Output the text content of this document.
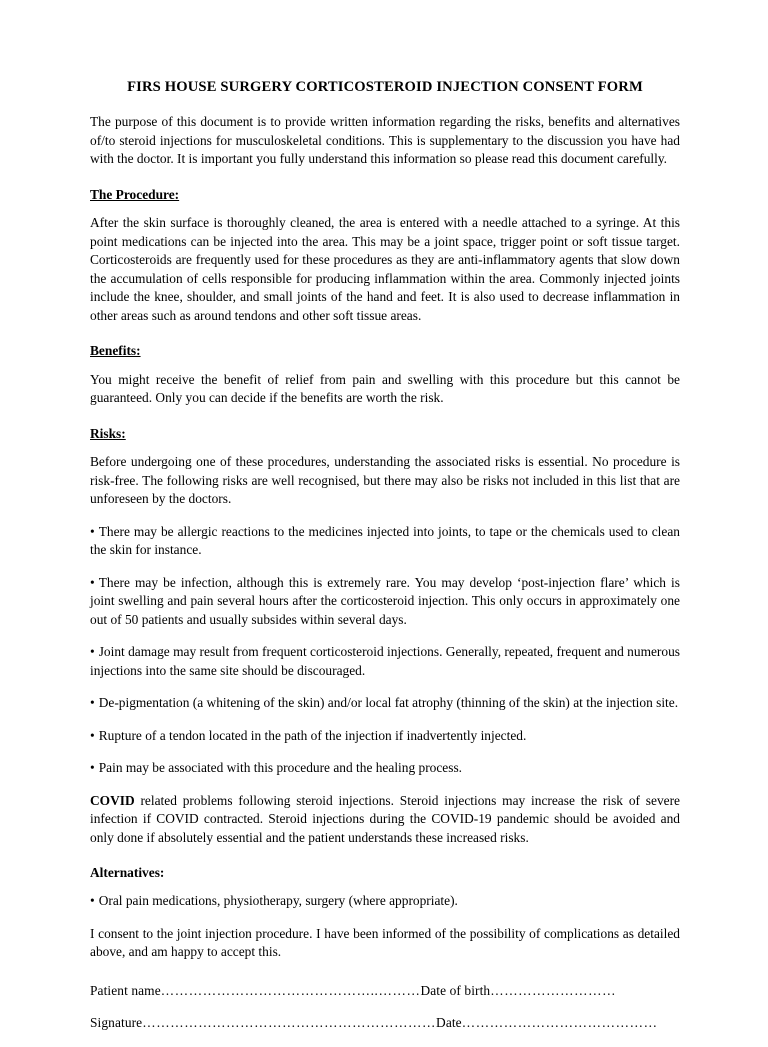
FIRS HOUSE SURGERY CORTICOSTEROID INJECTION CONSENT FORM

The purpose of this document is to provide written information regarding the risks, benefits and alternatives of/to steroid injections for musculoskeletal conditions. This is supplementary to the discussion you have had with the doctor. It is important you fully understand this information so please read this document carefully.

The Procedure:

After the skin surface is thoroughly cleaned, the area is entered with a needle attached to a syringe. At this point medications can be injected into the area. This may be a joint space, trigger point or soft tissue target. Corticosteroids are frequently used for these procedures as they are anti-inflammatory agents that slow down the accumulation of cells responsible for producing inflammation within the area. Commonly injected joints include the knee, shoulder, and small joints of the hand and feet. It is also used to decrease inflammation in other areas such as around tendons and other soft tissue areas.

Benefits:

You might receive the benefit of relief from pain and swelling with this procedure but this cannot be guaranteed. Only you can decide if the benefits are worth the risk.

Risks:

Before undergoing one of these procedures, understanding the associated risks is essential. No procedure is risk-free. The following risks are well recognised, but there may also be risks not included in this list that are unforeseen by the doctors.

• There may be allergic reactions to the medicines injected into joints, to tape or the chemicals used to clean the skin for instance.

• There may be infection, although this is extremely rare. You may develop ‘post-injection flare’ which is joint swelling and pain several hours after the corticosteroid injection. This only occurs in approximately one out of 50 patients and usually subsides within several days.

• Joint damage may result from frequent corticosteroid injections. Generally, repeated, frequent and numerous injections into the same site should be discouraged.

• De-pigmentation (a whitening of the skin) and/or local fat atrophy (thinning of the skin) at the injection site.

• Rupture of a tendon located in the path of the injection if inadvertently injected.

• Pain may be associated with this procedure and the healing process.

COVID related problems following steroid injections. Steroid injections may increase the risk of severe infection if COVID contracted. Steroid injections during the COVID-19 pandemic should be avoided and only done if absolutely essential and the patient understands these increased risks.

Alternatives:

• Oral pain medications, physiotherapy, surgery (where appropriate).

I consent to the joint injection procedure. I have been informed of the possibility of complications as detailed above, and am happy to accept this.

Patient name………………………………………..………Date of birth………………………

Signature………………………………………………………Date……………………………………
